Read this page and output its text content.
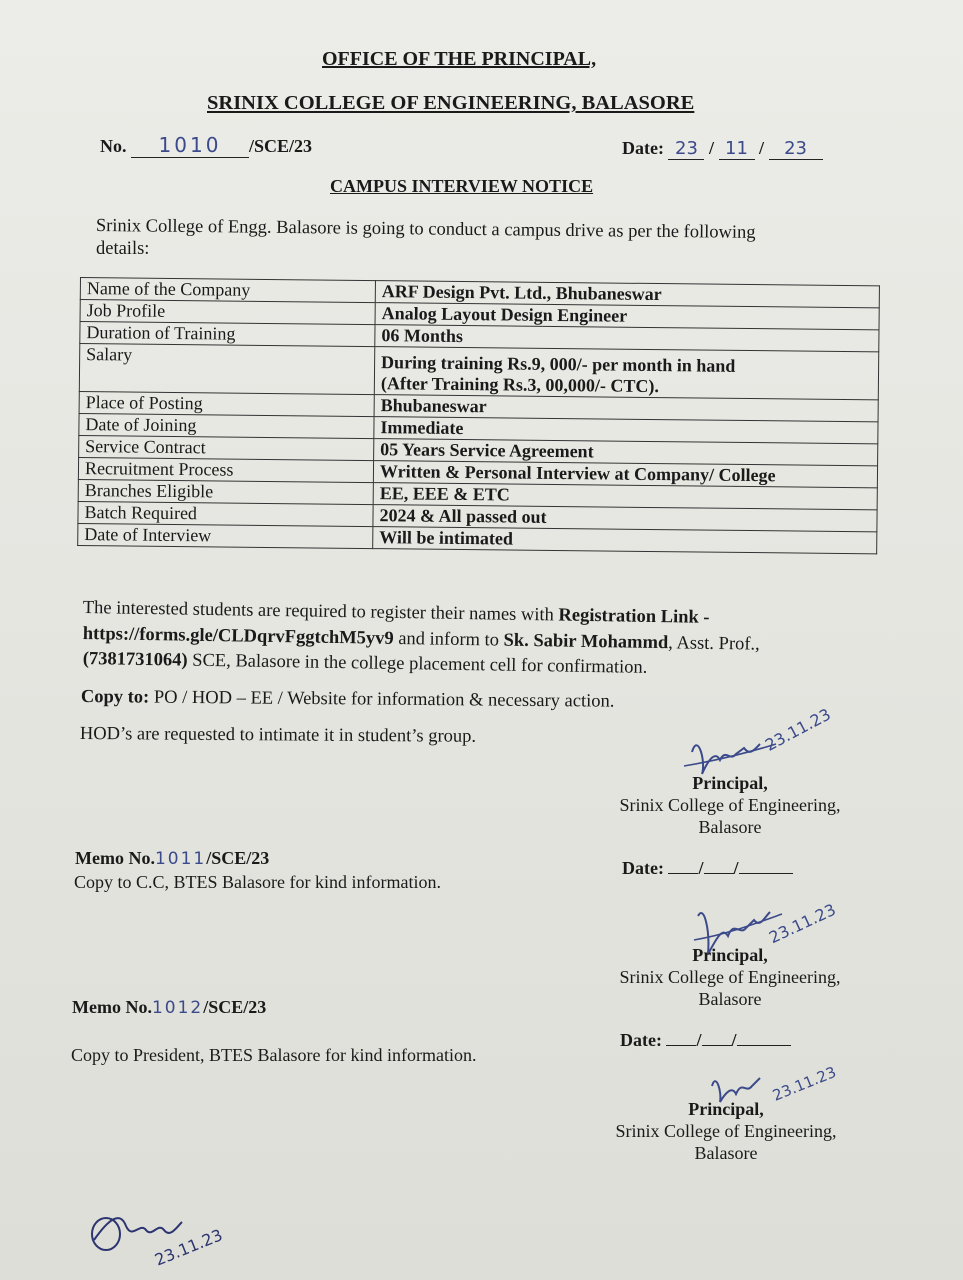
OFFICE OF THE PRINCIPAL,
SRINIX COLLEGE OF ENGINEERING, BALASORE
No. 1010 /SCE/23	Date: 23 / 11 / 23
CAMPUS INTERVIEW NOTICE
Srinix College of Engg. Balasore is going to conduct a campus drive as per the following
details:
Name of the Company	ARF Design Pvt. Ltd., Bhubaneswar
Job Profile	Analog Layout Design Engineer
Duration of Training	06 Months
Salary	During training Rs.9, 000/- per month in hand
(After Training Rs.3, 00,000/- CTC).

Place of Posting	Bhubaneswar
Date of Joining	Immediate
Service Contract	05 Years Service Agreement
Recruitment Process	Written & Personal Interview at Company/ College
Branches Eligible	EE, EEE & ETC
Batch Required	2024 & All passed out
Date of Interview	Will be intimated
The interested students are required to register their names with Registration Link -
https://forms.gle/CLDqrvFggtchM5yv9 and inform to Sk. Sabir Mohammd, Asst. Prof.,
(7381731064) SCE, Balasore in the college placement cell for confirmation.
Copy to: PO / HOD – EE / Website for information & necessary action.
HOD’s are requested to intimate it in student’s group.	23.11.23
Principal,
Srinix College of Engineering,
Balasore
Memo No.1011/SCE/23
Copy to C.C, BTES Balasore for kind information.
Date: / /
23.11.23
Principal,
Srinix College of Engineering,
Balasore
Memo No.1012/SCE/23
Copy to President, BTES Balasore for kind information.
Date: / /
23.11.23
Principal,
Srinix College of Engineering,
Balasore
23.11.23
